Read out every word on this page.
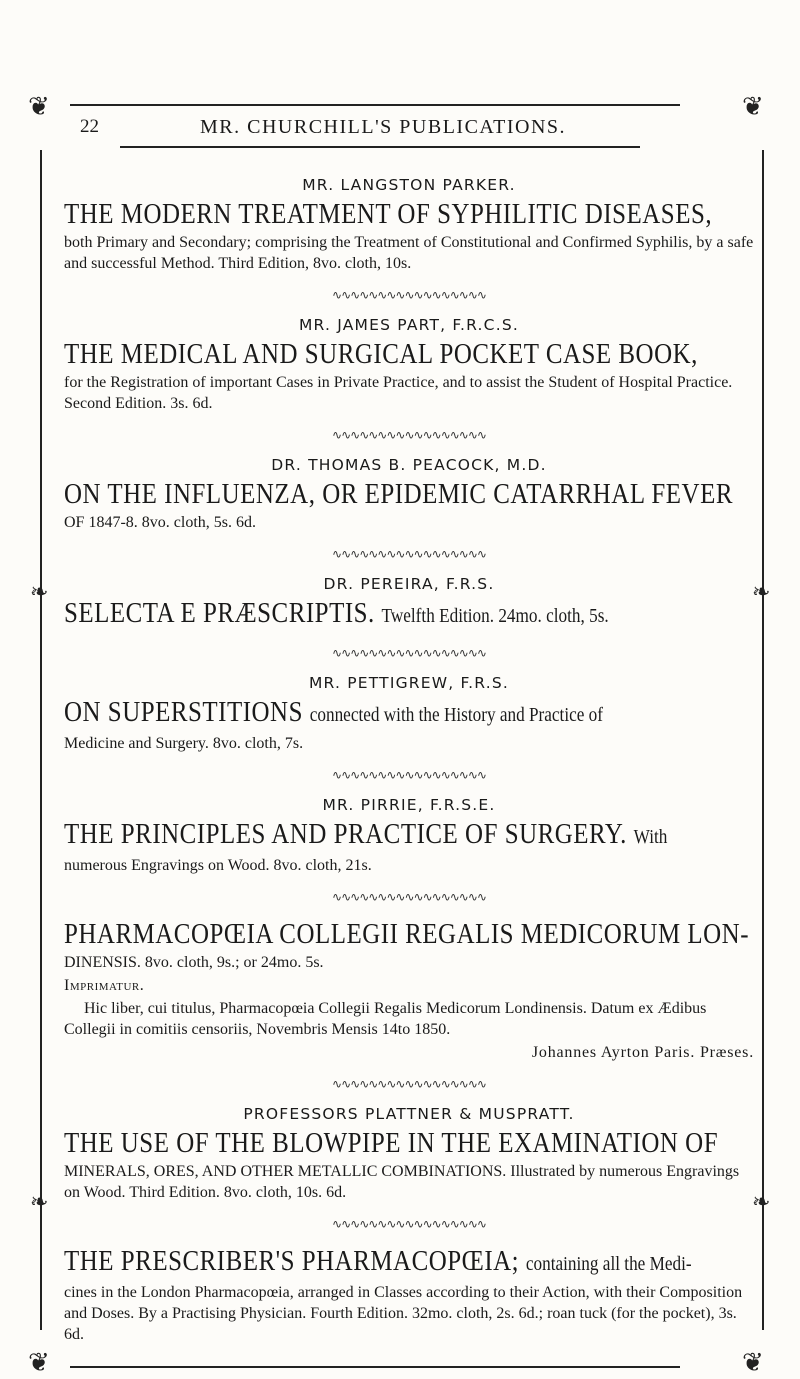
❦	❦
❦	❦
❧	❧
❧	❧
22	MR. CHURCHILL'S PUBLICATIONS.
MR. LANGSTON PARKER.
THE MODERN TREATMENT OF SYPHILITIC DISEASES,
both Primary and Secondary; comprising the Treatment of Constitutional and Confirmed Syphilis, by a safe and successful Method. Third Edition, 8vo. cloth, 10s.
∿∿∿∿∿∿∿∿∿∿∿∿∿∿∿∿∿
MR. JAMES PART, F.R.C.S.
THE MEDICAL AND SURGICAL POCKET CASE BOOK,
for the Registration of important Cases in Private Practice, and to assist the Student of Hospital Practice. Second Edition. 3s. 6d.
∿∿∿∿∿∿∿∿∿∿∿∿∿∿∿∿∿
DR. THOMAS B. PEACOCK, M.D.
ON THE INFLUENZA, OR EPIDEMIC CATARRHAL FEVER
OF 1847-8. 8vo. cloth, 5s. 6d.
∿∿∿∿∿∿∿∿∿∿∿∿∿∿∿∿∿
DR. PEREIRA, F.R.S.
SELECTA E PRÆSCRIPTIS. Twelfth Edition. 24mo. cloth, 5s.
∿∿∿∿∿∿∿∿∿∿∿∿∿∿∿∿∿
MR. PETTIGREW, F.R.S.
ON SUPERSTITIONS connected with the History and Practice of
Medicine and Surgery. 8vo. cloth, 7s.
∿∿∿∿∿∿∿∿∿∿∿∿∿∿∿∿∿
MR. PIRRIE, F.R.S.E.
THE PRINCIPLES AND PRACTICE OF SURGERY. With
numerous Engravings on Wood. 8vo. cloth, 21s.
∿∿∿∿∿∿∿∿∿∿∿∿∿∿∿∿∿
PHARMACOPŒIA COLLEGII REGALIS MEDICORUM LON-
DINENSIS. 8vo. cloth, 9s.; or 24mo. 5s.
Imprimatur.
Hic liber, cui titulus, Pharmacopœia Collegii Regalis Medicorum Londinensis. Datum ex Ædibus Collegii in comitiis censoriis, Novembris Mensis 14to 1850.
Johannes Ayrton Paris. Præses.
∿∿∿∿∿∿∿∿∿∿∿∿∿∿∿∿∿
PROFESSORS PLATTNER & MUSPRATT.
THE USE OF THE BLOWPIPE IN THE EXAMINATION OF
MINERALS, ORES, AND OTHER METALLIC COMBINATIONS. Illustrated by numerous Engravings on Wood. Third Edition. 8vo. cloth, 10s. 6d.
∿∿∿∿∿∿∿∿∿∿∿∿∿∿∿∿∿
THE PRESCRIBER'S PHARMACOPŒIA; containing all the Medi-
cines in the London Pharmacopœia, arranged in Classes according to their Action, with their Composition and Doses. By a Practising Physician. Fourth Edition. 32mo. cloth, 2s. 6d.; roan tuck (for the pocket), 3s. 6d.
